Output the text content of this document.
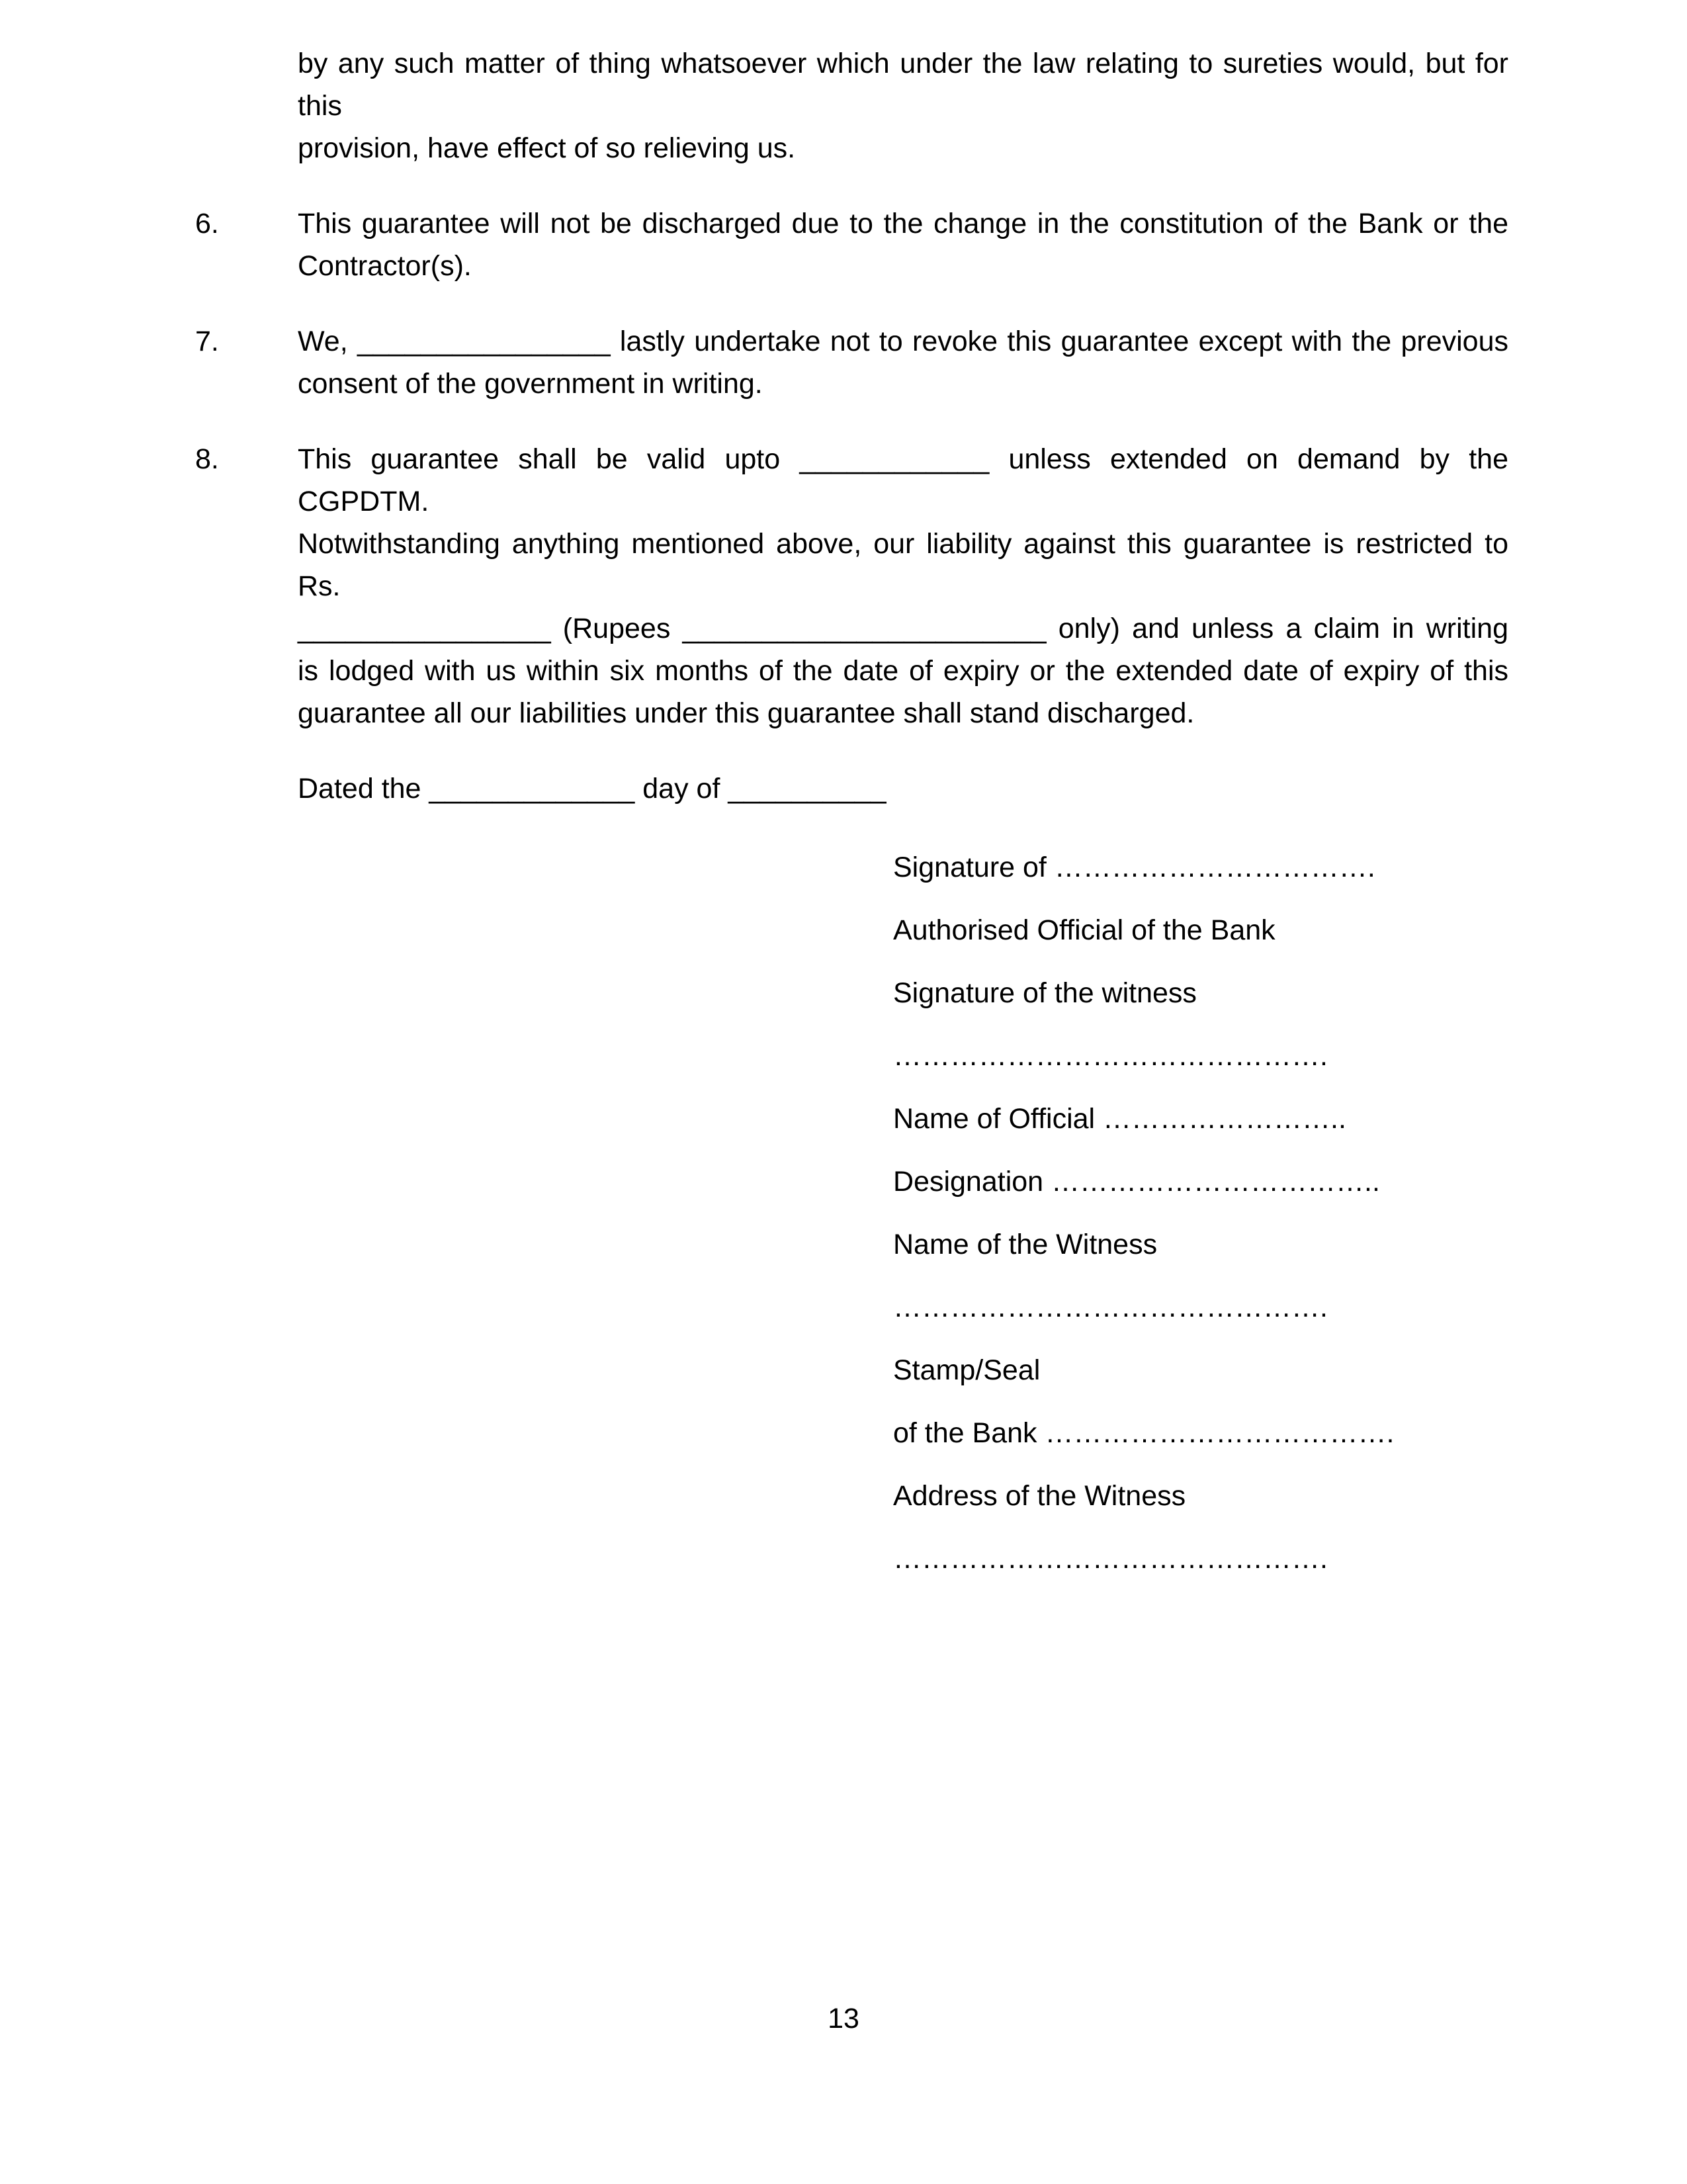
by any such matter of thing whatsoever which under the law relating to sureties would, but for this
provision, have effect of so relieving us.
6.	This guarantee will not be discharged due to the change in the constitution of the Bank or the
Contractor(s).
7.	We, ________________ lastly undertake not to revoke this guarantee except with the previous
consent of the government in writing.
8.	This guarantee shall be valid upto ____________ unless extended on demand by the CGPDTM.
Notwithstanding anything mentioned above, our liability against this guarantee is restricted to Rs.
________________ (Rupees _______________________ only) and unless a claim in writing
is lodged with us within six months of the date of expiry or the extended date of expiry of this
guarantee all our liabilities under this guarantee shall stand discharged.
Dated the _____________ day of __________
Signature of …………………………….
Authorised Official of the Bank
Signature of the witness
……………………………………….
Name of Official ……………………..
Designation ……………………………..
Name of the Witness
……………………………………….
Stamp/Seal
of the Bank ……………………………….
Address of the Witness
……………………………………….
13
